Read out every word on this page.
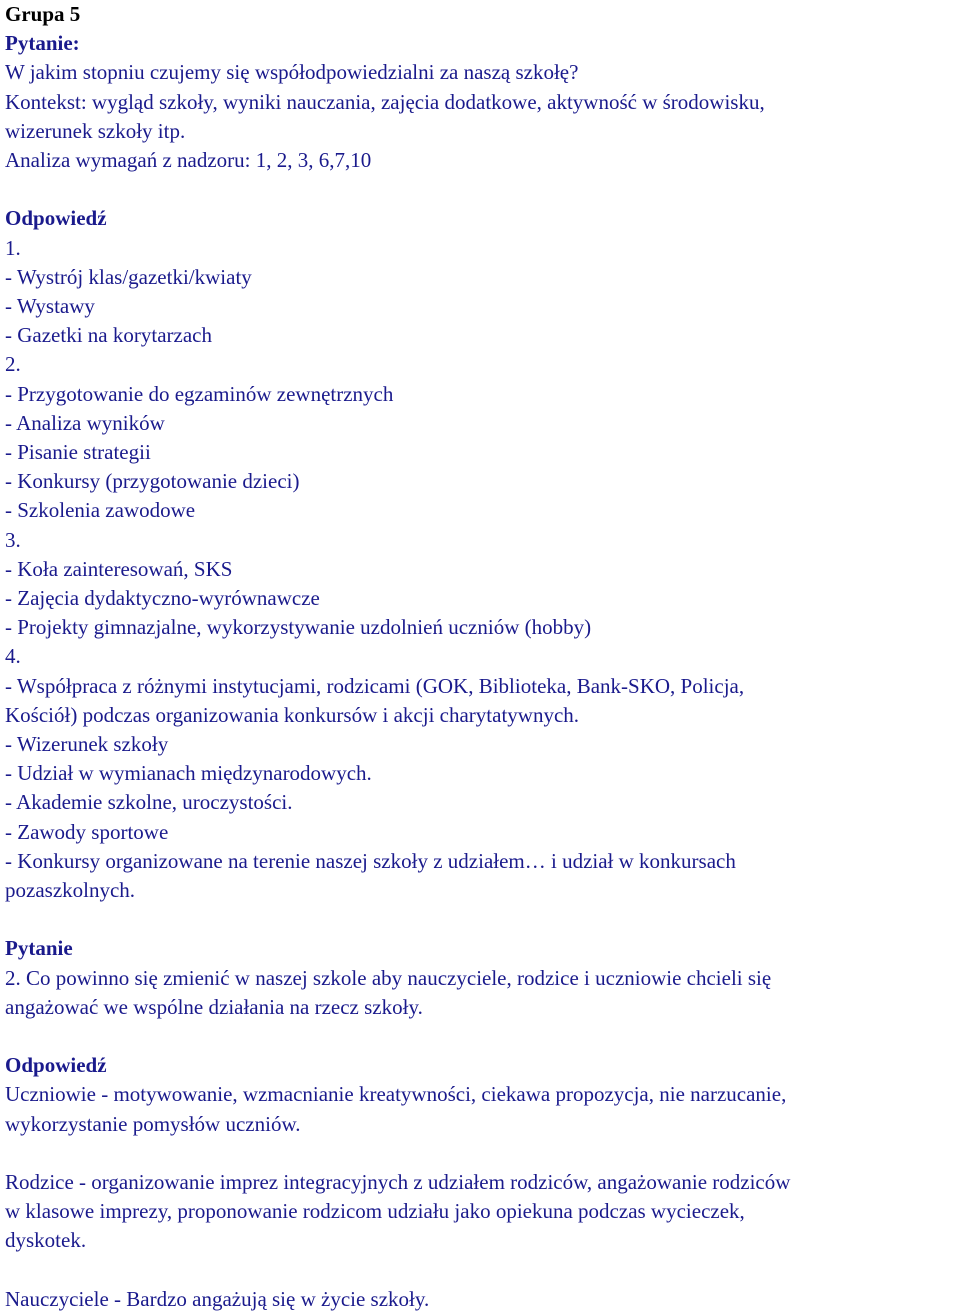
Grupa 5

Pytanie:

W jakim stopniu czujemy się współodpowiedzialni za naszą szkołę?

Kontekst: wygląd szkoły, wyniki nauczania, zajęcia dodatkowe, aktywność w środowisku,

wizerunek szkoły itp.

Analiza wymagań z nadzoru: 1, 2, 3, 6,7,10

Odpowiedź

1.

- Wystrój klas/gazetki/kwiaty

- Wystawy

- Gazetki na korytarzach

2.

- Przygotowanie do egzaminów zewnętrznych

- Analiza wyników

- Pisanie strategii

- Konkursy (przygotowanie dzieci)

- Szkolenia zawodowe

3.

- Koła zainteresowań, SKS

- Zajęcia dydaktyczno-wyrównawcze

- Projekty gimnazjalne, wykorzystywanie uzdolnień uczniów (hobby)

4.

- Współpraca z różnymi instytucjami, rodzicami (GOK, Biblioteka, Bank-SKO, Policja,

Kościół) podczas organizowania konkursów i akcji charytatywnych.

- Wizerunek szkoły

- Udział w wymianach międzynarodowych.

- Akademie szkolne, uroczystości.

- Zawody sportowe

- Konkursy organizowane na terenie naszej szkoły z udziałem… i udział w konkursach

pozaszkolnych.

Pytanie

2. Co powinno się zmienić w naszej szkole aby nauczyciele, rodzice i uczniowie chcieli się

angażować we wspólne działania na rzecz szkoły.

Odpowiedź

Uczniowie - motywowanie, wzmacnianie kreatywności, ciekawa propozycja, nie narzucanie,

wykorzystanie pomysłów uczniów.

Rodzice - organizowanie imprez integracyjnych z udziałem rodziców, angażowanie rodziców

w klasowe imprezy, proponowanie rodzicom udziału jako opiekuna podczas wycieczek,

dyskotek.

Nauczyciele - Bardzo angażują się w życie szkoły.
